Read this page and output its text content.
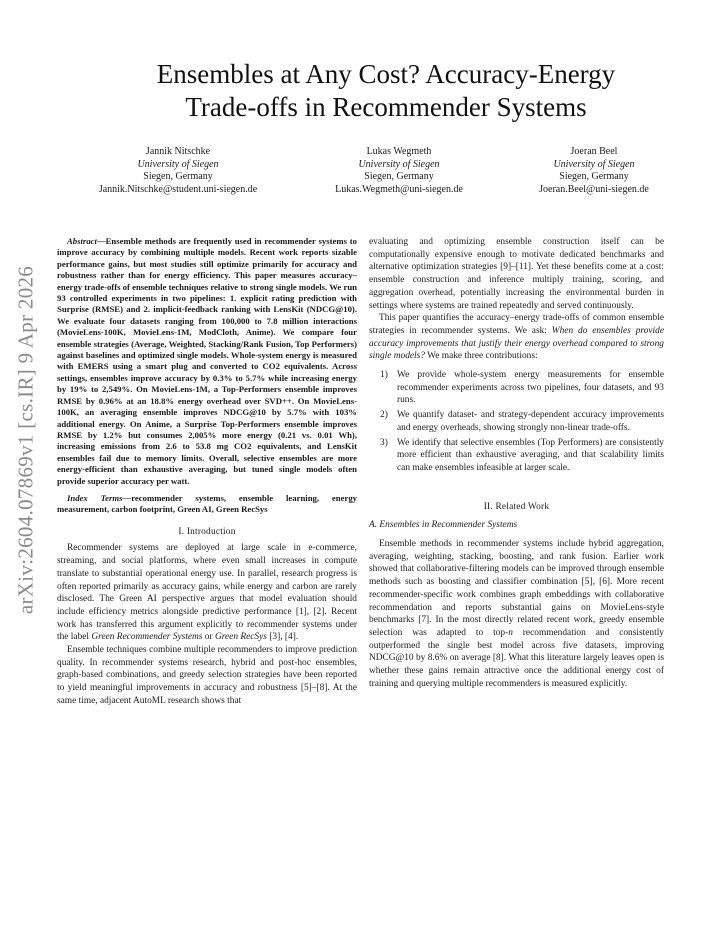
arXiv:2604.07869v1 [cs.IR] 9 Apr 2026
Ensembles at Any Cost? Accuracy-Energy
Trade-offs in Recommender Systems
Jannik Nitschke
University of Siegen
Siegen, Germany
Jannik.Nitschke@student.uni-siegen.de
Lukas Wegmeth
University of Siegen
Siegen, Germany
Lukas.Wegmeth@uni-siegen.de
Joeran Beel
University of Siegen
Siegen, Germany
Joeran.Beel@uni-siegen.de

Abstract—Ensemble methods are frequently used in recommender systems to improve accuracy by combining multiple models. Recent work reports sizable performance gains, but most studies still optimize primarily for accuracy and robustness rather than for energy efficiency. This paper measures accuracy–energy trade-offs of ensemble techniques relative to strong single models. We run 93 controlled experiments in two pipelines: 1. explicit rating prediction with Surprise (RMSE) and 2. implicit-feedback ranking with LensKit (NDCG@10). We evaluate four datasets ranging from 100,000 to 7.8 million interactions (MovieLens-100K, MovieLens-1M, ModCloth, Anime). We compare four ensemble strategies (Average, Weighted, Stacking/Rank Fusion, Top Performers) against baselines and optimized single models. Whole-system energy is measured with EMERS using a smart plug and converted to CO2 equivalents. Across settings, ensembles improve accuracy by 0.3% to 5.7% while increasing energy by 19% to 2,549%. On MovieLens-1M, a Top-Performers ensemble improves RMSE by 0.96% at an 18.8% energy overhead over SVD++. On MovieLens-100K, an averaging ensemble improves NDCG@10 by 5.7% with 103% additional energy. On Anime, a Surprise Top-Performers ensemble improves RMSE by 1.2% but consumes 2,005% more energy (0.21 vs. 0.01 Wh), increasing emissions from 2.6 to 53.8 mg CO2 equivalents, and LensKit ensembles fail due to memory limits. Overall, selective ensembles are more energy-efficient than exhaustive averaging, but tuned single models often provide superior accuracy per watt.

Index Terms—recommender systems, ensemble learning, energy measurement, carbon footprint, Green AI, Green RecSys

I. Introduction

Recommender systems are deployed at large scale in e-commerce, streaming, and social platforms, where even small increases in compute translate to substantial operational energy use. In parallel, research progress is often reported primarily as accuracy gains, while energy and carbon are rarely disclosed. The Green AI perspective argues that model evaluation should include efficiency metrics alongside predictive performance [1], [2]. Recent work has transferred this argument explicitly to recommender systems under the label Green Recommender Systems or Green RecSys [3], [4].

Ensemble techniques combine multiple recommenders to improve prediction quality. In recommender systems research, hybrid and post-hoc ensembles, graph-based combinations, and greedy selection strategies have been reported to yield meaningful improvements in accuracy and robustness [5]–[8]. At the same time, adjacent AutoML research shows that

evaluating and optimizing ensemble construction itself can be computationally expensive enough to motivate dedicated benchmarks and alternative optimization strategies [9]–[11]. Yet these benefits come at a cost: ensemble construction and inference multiply training, scoring, and aggregation overhead, potentially increasing the environmental burden in settings where systems are trained repeatedly and served continuously.

This paper quantifies the accuracy–energy trade-offs of common ensemble strategies in recommender systems. We ask: When do ensembles provide accuracy improvements that justify their energy overhead compared to strong single models? We make three contributions:

1) We provide whole-system energy measurements for ensemble recommender experiments across two pipelines, four datasets, and 93 runs.
2) We quantify dataset- and strategy-dependent accuracy improvements and energy overheads, showing strongly non-linear trade-offs.
3) We identify that selective ensembles (Top Performers) are consistently more efficient than exhaustive averaging, and that scalability limits can make ensembles infeasible at larger scale.
II. Related Work
A. Ensembles in Recommender Systems

Ensemble methods in recommender systems include hybrid aggregation, averaging, weighting, stacking, boosting, and rank fusion. Earlier work showed that collaborative-filtering models can be improved through ensemble methods such as boosting and classifier combination [5], [6]. More recent recommender-specific work combines graph embeddings with collaborative recommendation and reports substantial gains on MovieLens-style benchmarks [7]. In the most directly related recent work, greedy ensemble selection was adapted to top-n recommendation and consistently outperformed the single best model across five datasets, improving NDCG@10 by 8.6% on average [8]. What this literature largely leaves open is whether these gains remain attractive once the additional energy cost of training and querying multiple recommenders is measured explicitly.
